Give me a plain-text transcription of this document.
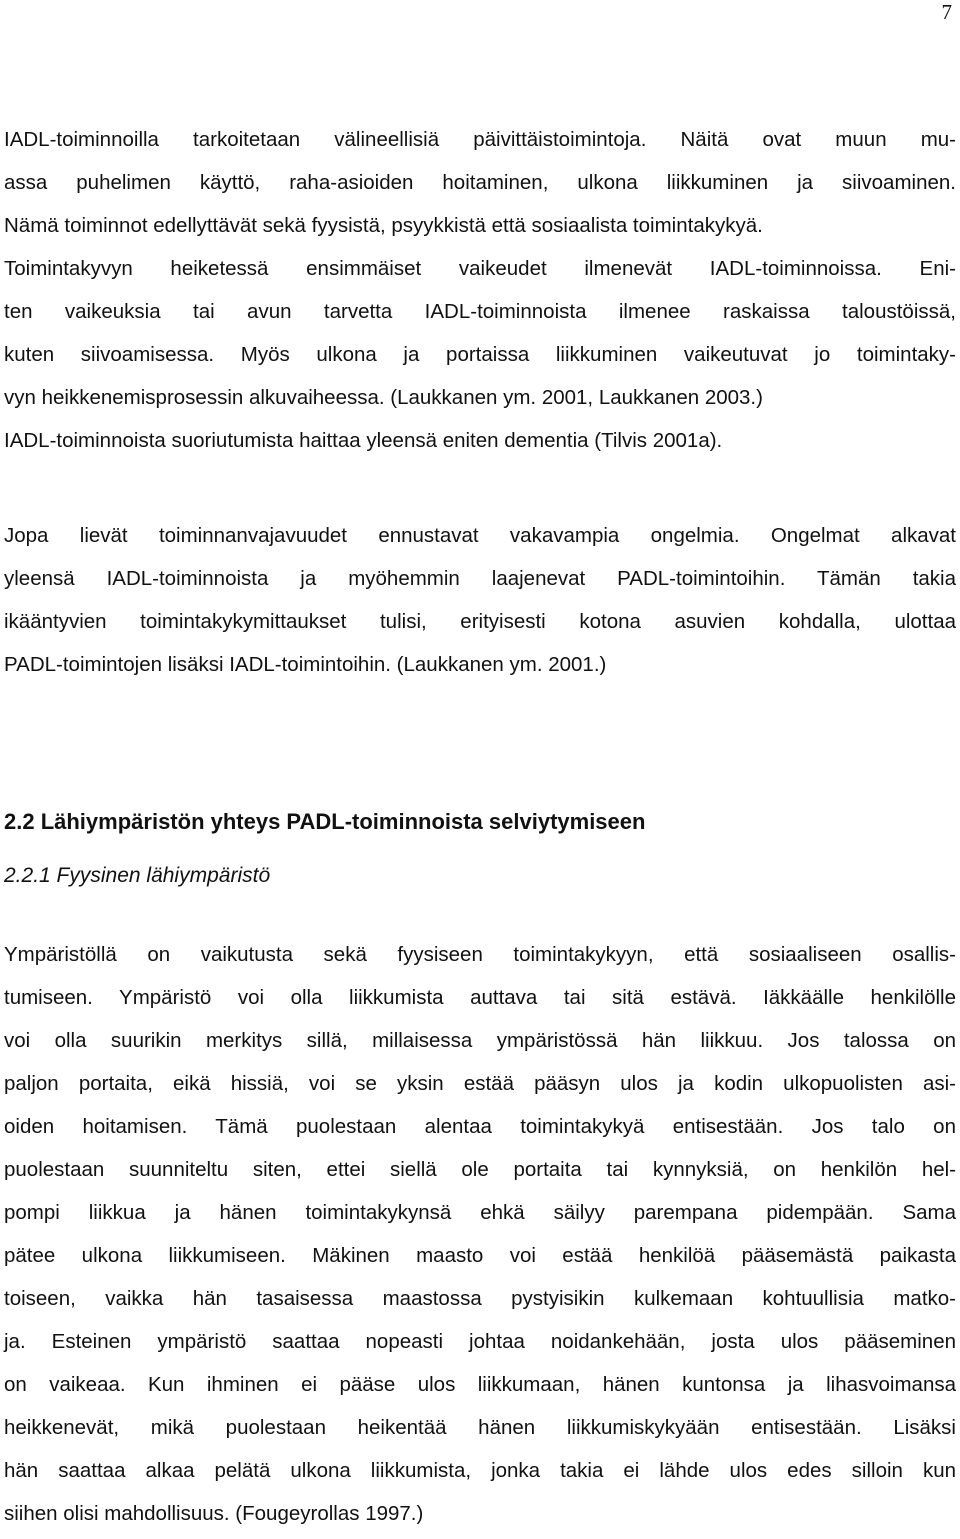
7
IADL-toiminnoilla tarkoitetaan välineellisiä päivittäistoimintoja. Näitä ovat muun mu-
assa puhelimen käyttö, raha-asioiden hoitaminen, ulkona liikkuminen ja siivoaminen.
Nämä toiminnot edellyttävät sekä fyysistä, psyykkistä että sosiaalista toimintakykyä.
Toimintakyvyn heiketessä ensimmäiset vaikeudet ilmenevät IADL-toiminnoissa. Eni-
ten vaikeuksia tai avun tarvetta IADL-toiminnoista ilmenee raskaissa taloustöissä,
kuten siivoamisessa. Myös ulkona ja portaissa liikkuminen vaikeutuvat jo toimintaky-
vyn heikkenemisprosessin alkuvaiheessa. (Laukkanen ym. 2001, Laukkanen 2003.)
IADL-toiminnoista suoriutumista haittaa yleensä eniten dementia (Tilvis 2001a).
Jopa lievät toiminnanvajavuudet ennustavat vakavampia ongelmia. Ongelmat alkavat
yleensä IADL-toiminnoista ja myöhemmin laajenevat PADL-toimintoihin. Tämän takia
ikääntyvien toimintakykymittaukset tulisi, erityisesti kotona asuvien kohdalla, ulottaa
PADL-toimintojen lisäksi IADL-toimintoihin. (Laukkanen ym. 2001.)
2.2 Lähiympäristön yhteys PADL-toiminnoista selviytymiseen
2.2.1 Fyysinen lähiympäristö
Ympäristöllä on vaikutusta sekä fyysiseen toimintakykyyn, että sosiaaliseen osallis-
tumiseen. Ympäristö voi olla liikkumista auttava tai sitä estävä. Iäkkäälle henkilölle
voi olla suurikin merkitys sillä, millaisessa ympäristössä hän liikkuu. Jos talossa on
paljon portaita, eikä hissiä, voi se yksin estää pääsyn ulos ja kodin ulkopuolisten asi-
oiden hoitamisen. Tämä puolestaan alentaa toimintakykyä entisestään. Jos talo on
puolestaan suunniteltu siten, ettei siellä ole portaita tai kynnyksiä, on henkilön hel-
pompi liikkua ja hänen toimintakykynsä ehkä säilyy parempana pidempään. Sama
pätee ulkona liikkumiseen. Mäkinen maasto voi estää henkilöä pääsemästä paikasta
toiseen, vaikka hän tasaisessa maastossa pystyisikin kulkemaan kohtuullisia matko-
ja. Esteinen ympäristö saattaa nopeasti johtaa noidankehään, josta ulos pääseminen
on vaikeaa. Kun ihminen ei pääse ulos liikkumaan, hänen kuntonsa ja lihasvoimansa
heikkenevät, mikä puolestaan heikentää hänen liikkumiskykyään entisestään. Lisäksi
hän saattaa alkaa pelätä ulkona liikkumista, jonka takia ei lähde ulos edes silloin kun
siihen olisi mahdollisuus. (Fougeyrollas 1997.)
